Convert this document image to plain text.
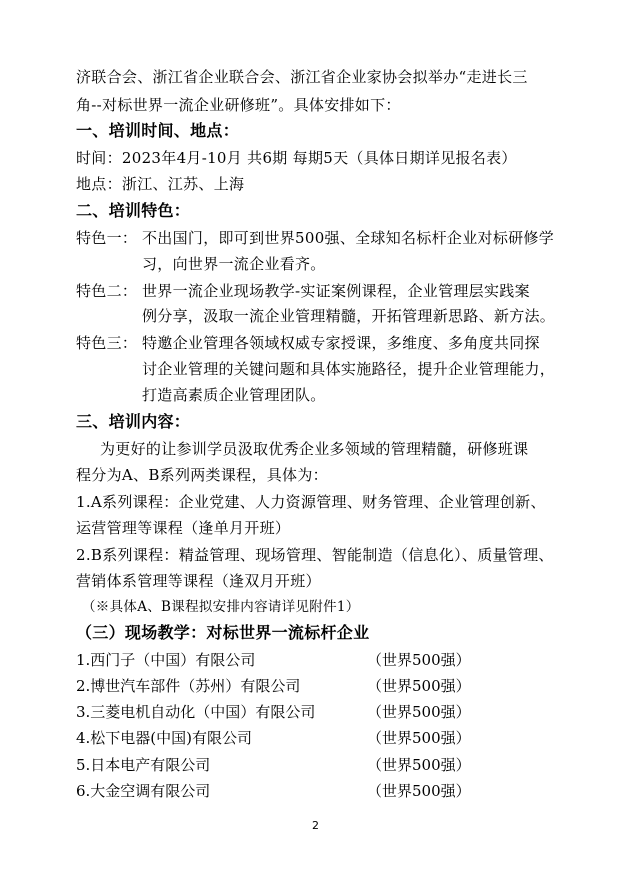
济联合会、浙江省企业联合会、浙江省企业家协会拟举办“走进长三
角--对标世界一流企业研修班”。具体安排如下：
一、培训时间、地点：
时间：2023年4月-10月 共6期 每期5天（具体日期详见报名表）
地点：浙江、江苏、上海
二、培训特色：
特色一： 不出国门，即可到世界500强、全球知名标杆企业对标研修学
习，向世界一流企业看齐。
特色二： 世界一流企业现场教学-实证案例课程，企业管理层实践案
例分享，汲取一流企业管理精髓，开拓管理新思路、新方法。
特色三： 特邀企业管理各领域权威专家授课，多维度、多角度共同探
讨企业管理的关键问题和具体实施路径，提升企业管理能力，
打造高素质企业管理团队。
三、培训内容：
为更好的让参训学员汲取优秀企业多领域的管理精髓，研修班课
程分为A、B系列两类课程，具体为：
1.A系列课程：企业党建、人力资源管理、财务管理、企业管理创新、
运营管理等课程（逢单月开班）
2.B系列课程：精益管理、现场管理、智能制造（信息化）、质量管理、
营销体系管理等课程（逢双月开班）
（※具体A、B课程拟安排内容请详见附件1）
（三）现场教学：对标世界一流标杆企业
1.西门子（中国）有限公司	（世界500强）
2.博世汽车部件（苏州）有限公司	（世界500强）
3.三菱电机自动化（中国）有限公司	（世界500强）
4.松下电器(中国)有限公司	（世界500强）
5.日本电产有限公司	（世界500强）
6.大金空调有限公司	（世界500强）
2
